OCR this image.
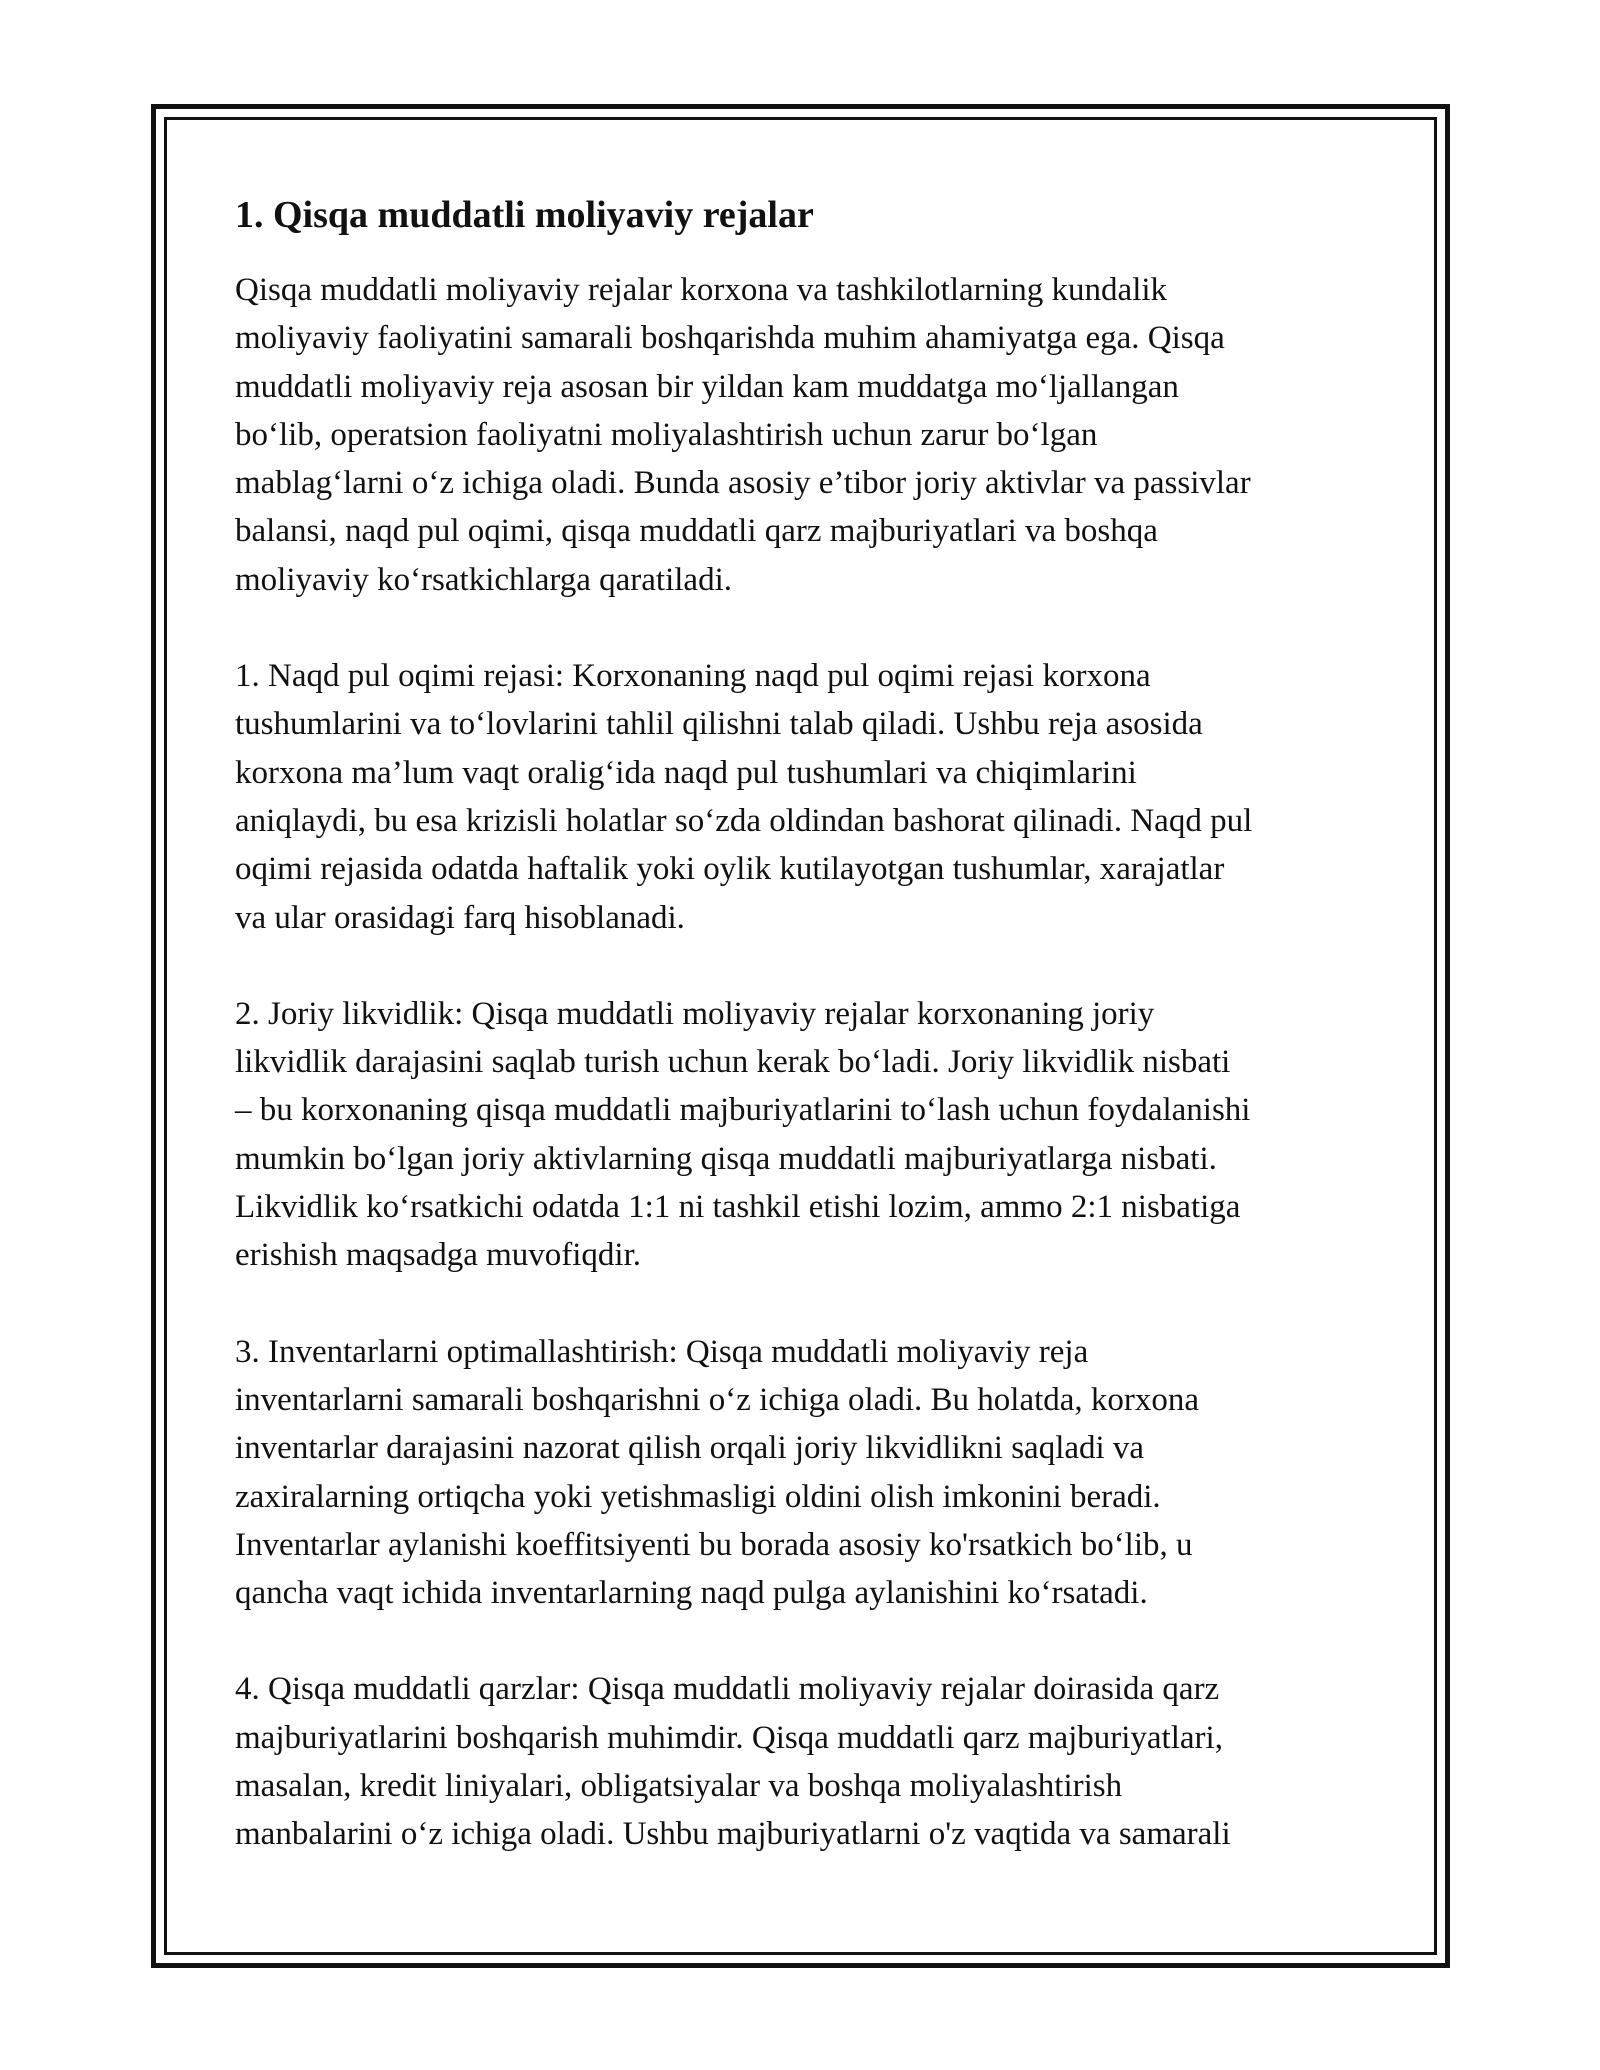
1. Qisqa muddatli moliyaviy rejalar

Qisqa muddatli moliyaviy rejalar korxona va tashkilotlarning kundalik
moliyaviy faoliyatini samarali boshqarishda muhim ahamiyatga ega. Qisqa
muddatli moliyaviy reja asosan bir yildan kam muddatga mo‘ljallangan
bo‘lib, operatsion faoliyatni moliyalashtirish uchun zarur bo‘lgan
mablag‘larni o‘z ichiga oladi. Bunda asosiy e’tibor joriy aktivlar va passivlar
balansi, naqd pul oqimi, qisqa muddatli qarz majburiyatlari va boshqa
moliyaviy ko‘rsatkichlarga qaratiladi.

1. Naqd pul oqimi rejasi: Korxonaning naqd pul oqimi rejasi korxona
tushumlarini va to‘lovlarini tahlil qilishni talab qiladi. Ushbu reja asosida
korxona ma’lum vaqt oralig‘ida naqd pul tushumlari va chiqimlarini
aniqlaydi, bu esa krizisli holatlar so‘zda oldindan bashorat qilinadi. Naqd pul
oqimi rejasida odatda haftalik yoki oylik kutilayotgan tushumlar, xarajatlar
va ular orasidagi farq hisoblanadi.

2. Joriy likvidlik: Qisqa muddatli moliyaviy rejalar korxonaning joriy
likvidlik darajasini saqlab turish uchun kerak bo‘ladi. Joriy likvidlik nisbati
– bu korxonaning qisqa muddatli majburiyatlarini to‘lash uchun foydalanishi
mumkin bo‘lgan joriy aktivlarning qisqa muddatli majburiyatlarga nisbati.
Likvidlik ko‘rsatkichi odatda 1:1 ni tashkil etishi lozim, ammo 2:1 nisbatiga
erishish maqsadga muvofiqdir.

3. Inventarlarni optimallashtirish: Qisqa muddatli moliyaviy reja
inventarlarni samarali boshqarishni o‘z ichiga oladi. Bu holatda, korxona
inventarlar darajasini nazorat qilish orqali joriy likvidlikni saqladi va
zaxiralarning ortiqcha yoki yetishmasligi oldini olish imkonini beradi.
Inventarlar aylanishi koeffitsiyenti bu borada asosiy ko'rsatkich bo‘lib, u
qancha vaqt ichida inventarlarning naqd pulga aylanishini ko‘rsatadi.

4. Qisqa muddatli qarzlar: Qisqa muddatli moliyaviy rejalar doirasida qarz
majburiyatlarini boshqarish muhimdir. Qisqa muddatli qarz majburiyatlari,
masalan, kredit liniyalari, obligatsiyalar va boshqa moliyalashtirish
manbalarini o‘z ichiga oladi. Ushbu majburiyatlarni o'z vaqtida va samarali
